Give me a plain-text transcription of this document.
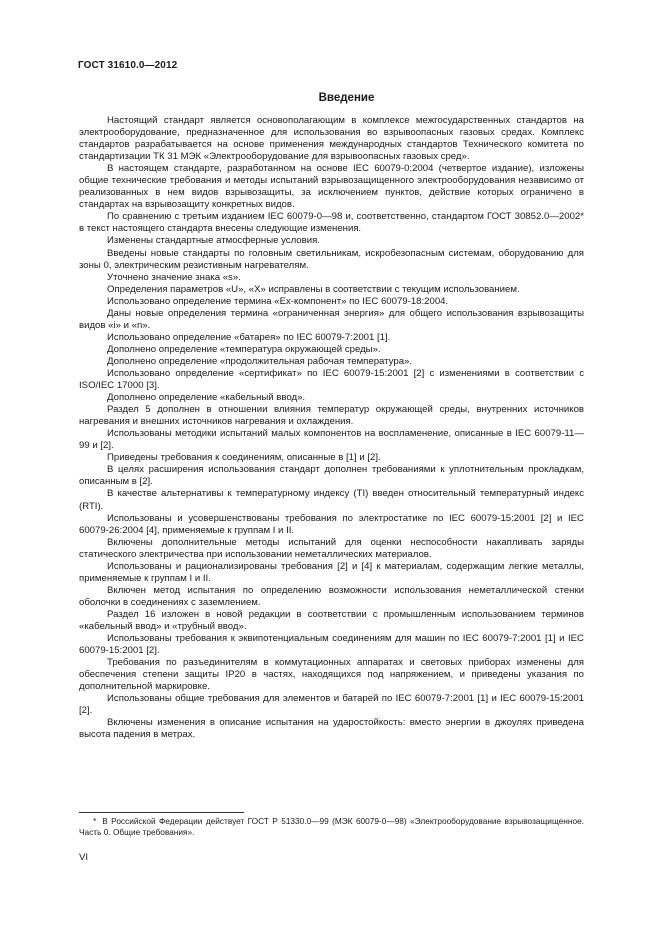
ГОСТ 31610.0—2012
Введение

Настоящий стандарт является основополагающим в комплексе межгосударственных стандартов на электрооборудование, предназначенное для использования во взрывоопасных газовых средах. Комплекс стандартов разрабатывается на основе применения международных стандартов Технического комитета по стандартизации ТК 31 МЭК «Электрооборудование для взрывоопасных газовых сред».

В настоящем стандарте, разработанном на основе IEC 60079-0:2004 (четвертое издание), изложены общие технические требования и методы испытаний взрывозащищенного электрооборудования независимо от реализованных в нем видов взрывозащиты, за исключением пунктов, действие которых ограничено в стандартах на взрывозащиту конкретных видов.

По сравнению с третьим изданием IEC 60079-0—98 и, соответственно, стандартом ГОСТ 30852.0—2002* в текст настоящего стандарта внесены следующие изменения.

Изменены стандартные атмосферные условия.

Введены новые стандарты по головным светильникам, искробезопасным системам, оборудованию для зоны 0, электрическим резистивным нагревателям.

Уточнено значение знака «s».

Определения параметров «U», «X» исправлены в соответствии с текущим использованием.

Использовано определение термина «Ex-компонент» по IEC 60079-18:2004.

Даны новые определения термина «ограниченная энергия» для общего использования взрывозащиты видов «i» и «n».

Использовано определение «батарея» по IEC 60079-7:2001 [1].

Дополнено определение «температура окружающей среды».

Дополнено определение «продолжительная рабочая температура».

Использовано определение «сертификат» по IEC 60079-15:2001 [2] с изменениями в соответствии с ISO/IEC 17000 [3].

Дополнено определение «кабельный ввод».

Раздел 5 дополнен в отношении влияния температур окружающей среды, внутренних источников нагревания и внешних источников нагревания и охлаждения.

Использованы методики испытаний малых компонентов на воспламенение, описанные в IEC 60079-11—99 и [2].

Приведены требования к соединениям, описанные в [1] и [2].

В целях расширения использования стандарт дополнен требованиями к уплотнительным прокладкам, описанным в [2].

В качестве альтернативы к температурному индексу (TI) введен относительный температурный индекс (RTI).

Использованы и усовершенствованы требования по электростатике по IEC 60079-15:2001 [2] и IEC 60079-26:2004 [4], применяемые к группам I и II.

Включены дополнительные методы испытаний для оценки неспособности накапливать заряды статического электричества при использовании неметаллических материалов.

Использованы и рационализированы требования [2] и [4] к материалам, содержащим легкие металлы, применяемые к группам I и II.

Включен метод испытания по определению возможности использования неметаллической стенки оболочки в соединениях с заземлением.

Раздел 16 изложен в новой редакции в соответствии с промышленным использованием терминов «кабельный ввод» и «трубный ввод».

Использованы требования к эквипотенциальным соединениям для машин по IEC 60079-7:2001 [1] и IEC 60079-15:2001 [2].

Требования по разъединителям в коммутационных аппаратах и световых приборах изменены для обеспечения степени защиты IP20 в частях, находящихся под напряжением, и приведены указания по дополнительной маркировке.

Использованы общие требования для элементов и батарей по IEC 60079-7:2001 [1] и IEC 60079-15:2001 [2].

Включены изменения в описание испытания на ударостойкость: вместо энергии в джоулях приведена высота падения в метрах.

* В Российской Федерации действует ГОСТ Р 51330.0—99 (МЭК 60079-0—98) «Электрооборудование взрывозащищенное. Часть 0. Общие требования».
VI
